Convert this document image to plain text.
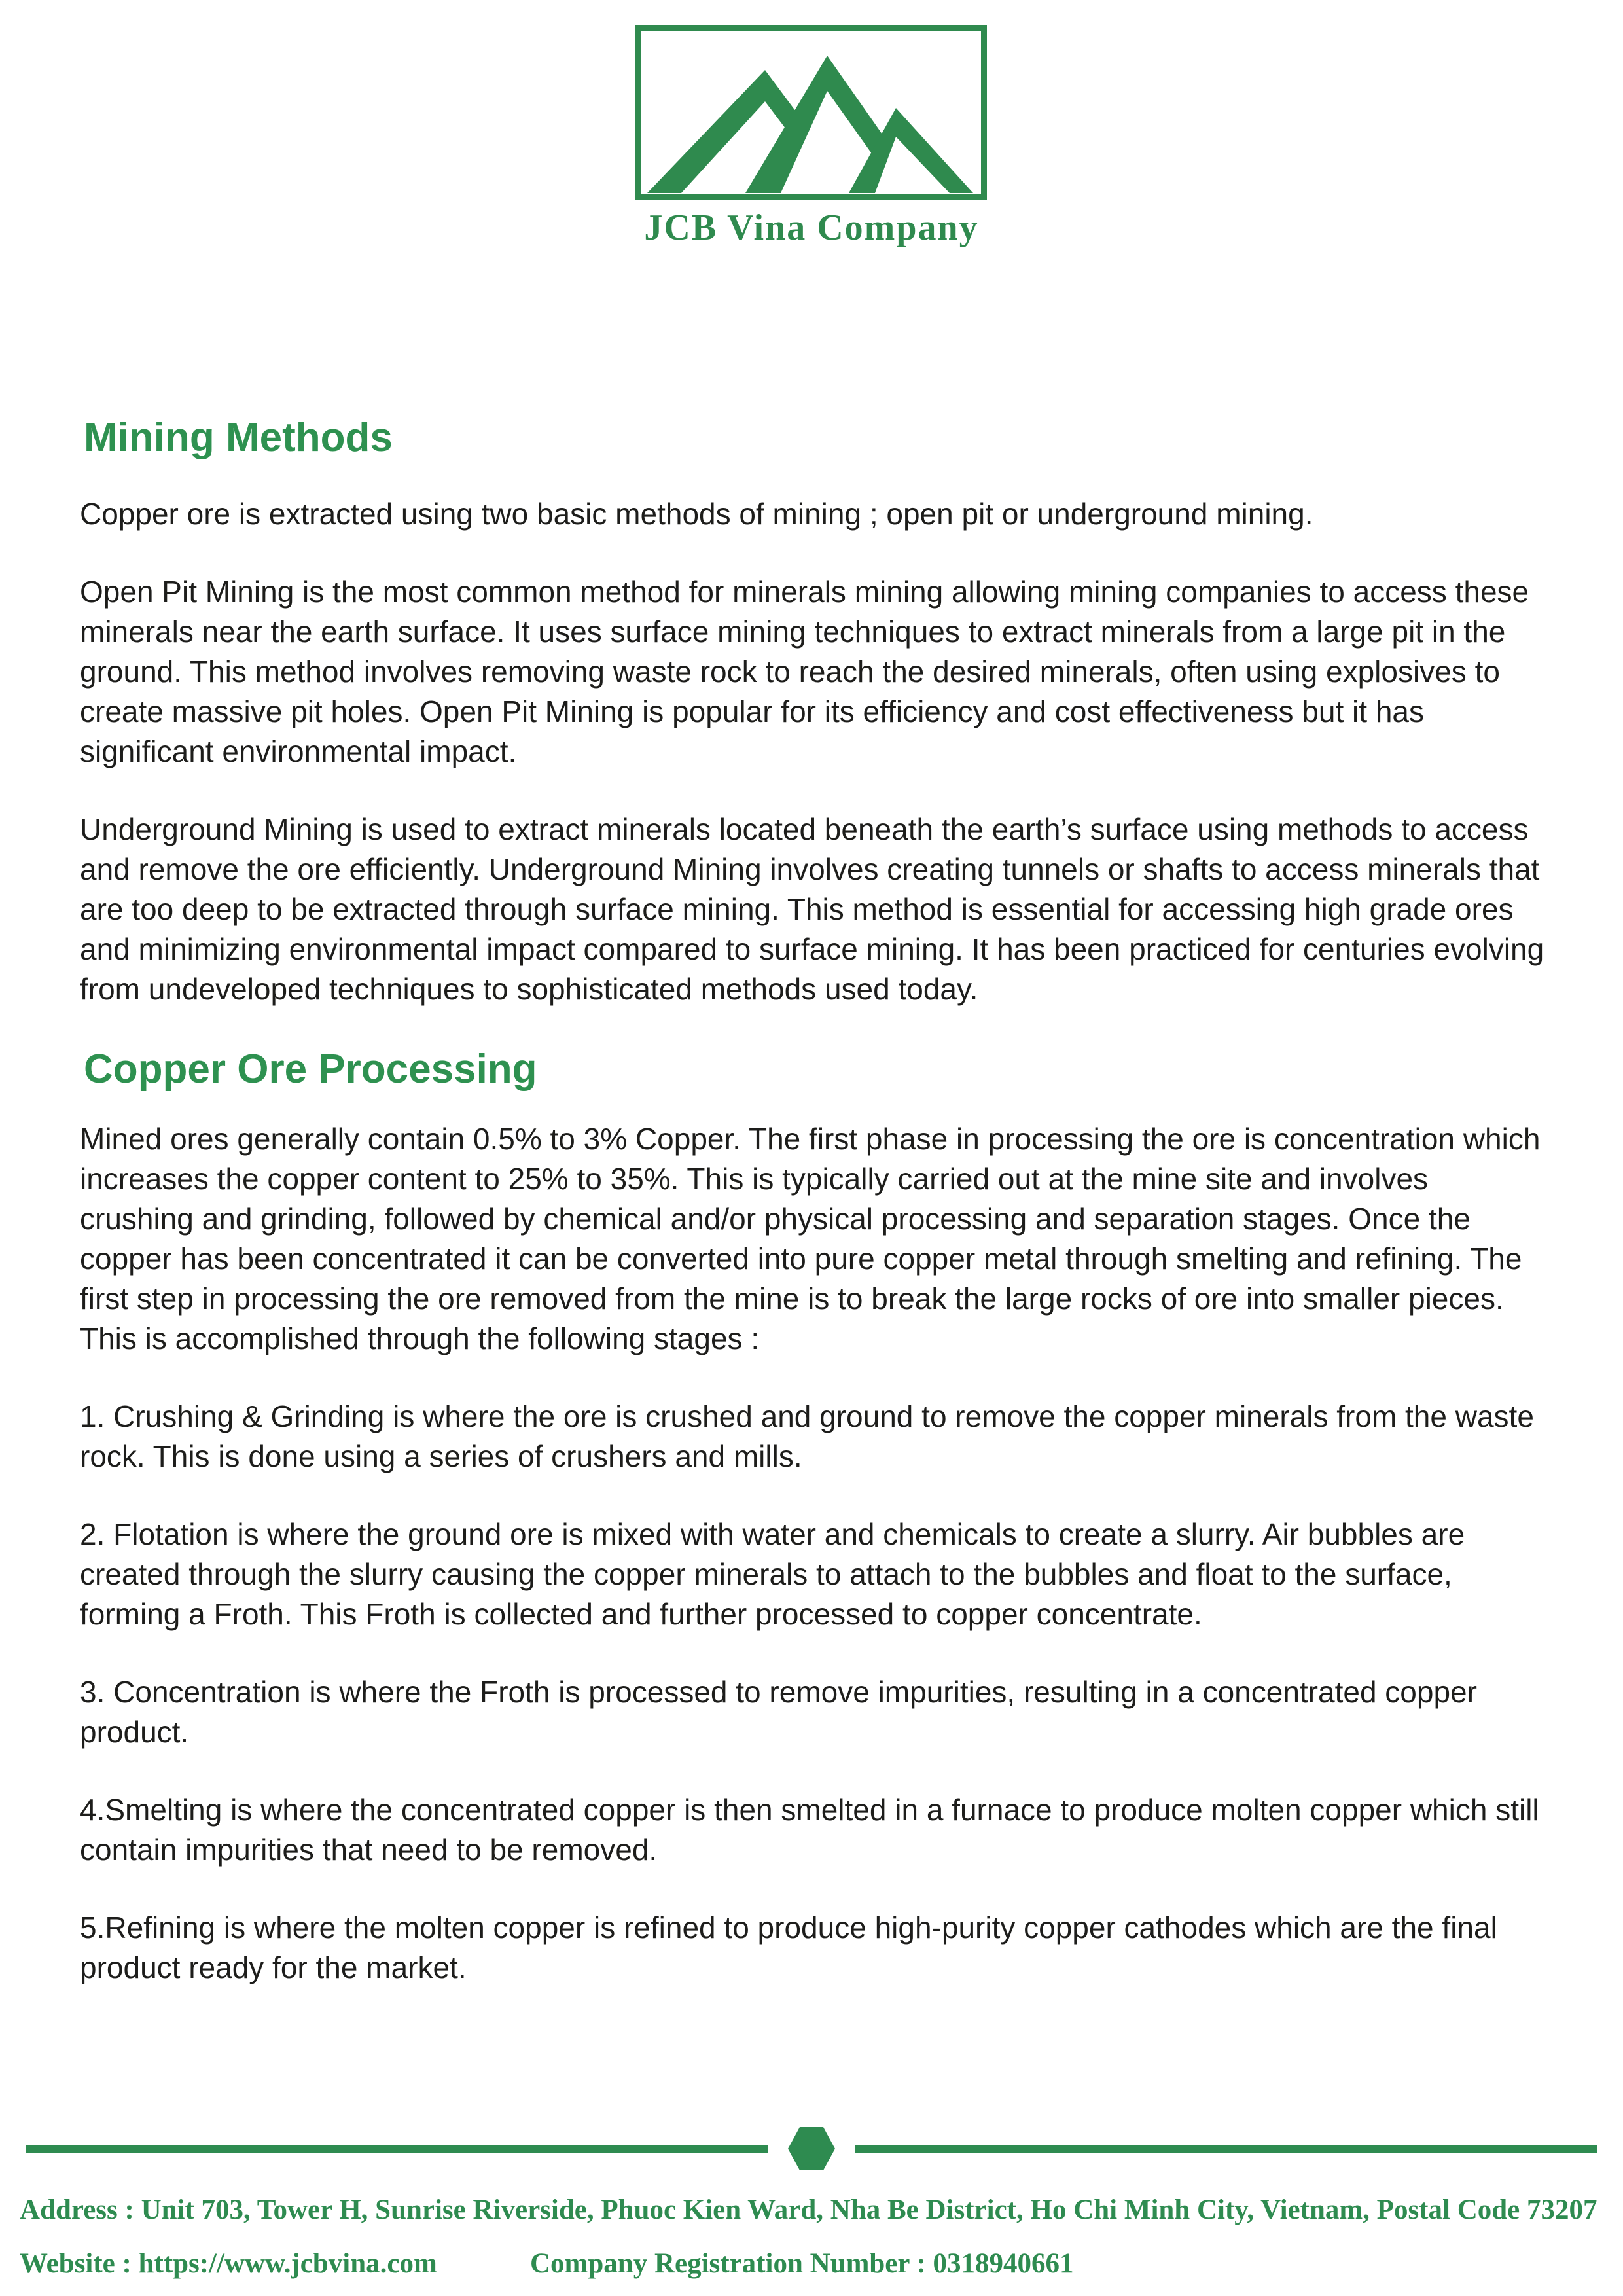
JCB Vina Company
Mining Methods

Copper ore is extracted using two basic methods of mining ; open pit or underground mining.

Open Pit Mining is the most common method for minerals mining allowing mining companies to access these minerals near the earth surface. It uses surface mining techniques to extract minerals from a large pit in the ground. This method involves removing waste rock to reach the desired minerals, often using explosives to create massive pit holes. Open Pit Mining is popular for its efficiency and cost effectiveness but it has significant environmental impact.

Underground Mining is used to extract minerals located beneath the earth’s surface using methods to access and remove the ore efficiently. Underground Mining involves creating tunnels or shafts to access minerals that are too deep to be extracted through surface mining. This method is essential for accessing high grade ores and minimizing environmental impact compared to surface mining. It has been practiced for centuries evolving from undeveloped techniques to sophisticated methods used today.

Copper Ore Processing

Mined ores generally contain 0.5% to 3% Copper. The first phase in processing the ore is concentration which increases the copper content to 25% to 35%. This is typically carried out at the mine site and involves crushing and grinding, followed by chemical and/or physical processing and separation stages. Once the copper has been concentrated it can be converted into pure copper metal through smelting and refining. The first step in processing the ore removed from the mine is to break the large rocks of ore into smaller pieces. This is accomplished through the following stages :

1. Crushing & Grinding is where the ore is crushed and ground to remove the copper minerals from the waste rock. This is done using a series of crushers and mills.

2. Flotation is where the ground ore is mixed with water and chemicals to create a slurry. Air bubbles are created through the slurry causing the copper minerals to attach to the bubbles and float to the surface, forming a Froth. This Froth is collected and further processed to copper concentrate.

3. Concentration is where the Froth is processed to remove impurities, resulting in a concentrated copper product.

4.Smelting is where the concentrated copper is then smelted in a furnace to produce molten copper which still contain impurities that need to be removed.

5.Refining is where the molten copper is refined to produce high-purity copper cathodes which are the final product ready for the market.

Address : Unit 703, Tower H, Sunrise Riverside, Phuoc Kien Ward, Nha Be District, Ho Chi Minh City, Vietnam, Postal Code 73207
Website : https://www.jcbvina.com	Company Registration Number : 0318940661
